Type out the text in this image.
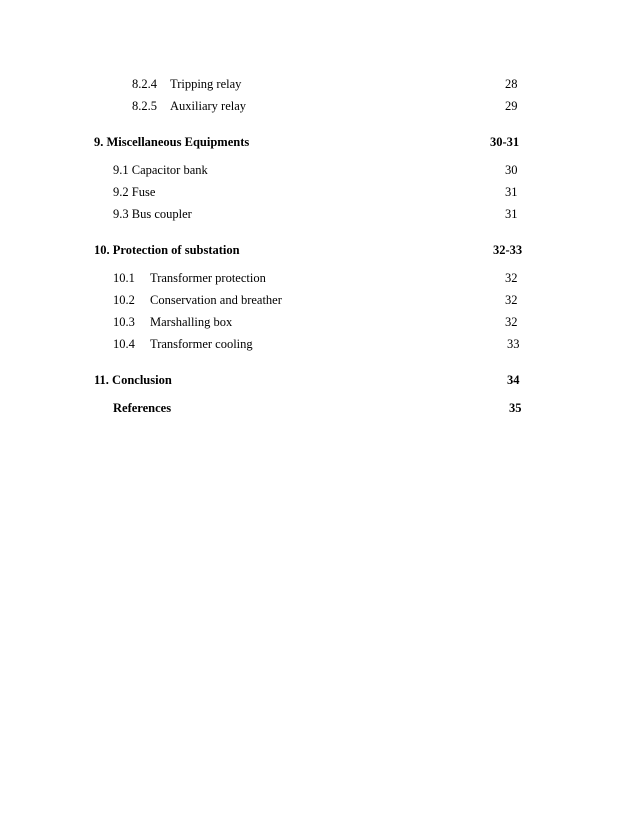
8.2.4 Tripping relay	28
8.2.5 Auxiliary relay	29
9. Miscellaneous Equipments	30-31
9.1 Capacitor bank	30
9.2 Fuse	31
9.3 Bus coupler	31
10. Protection of substation	32-33
10.1 Transformer protection	32
10.2 Conservation and breather	32
10.3 Marshalling box	32
10.4 Transformer cooling	33
11. Conclusion	34
References	35
